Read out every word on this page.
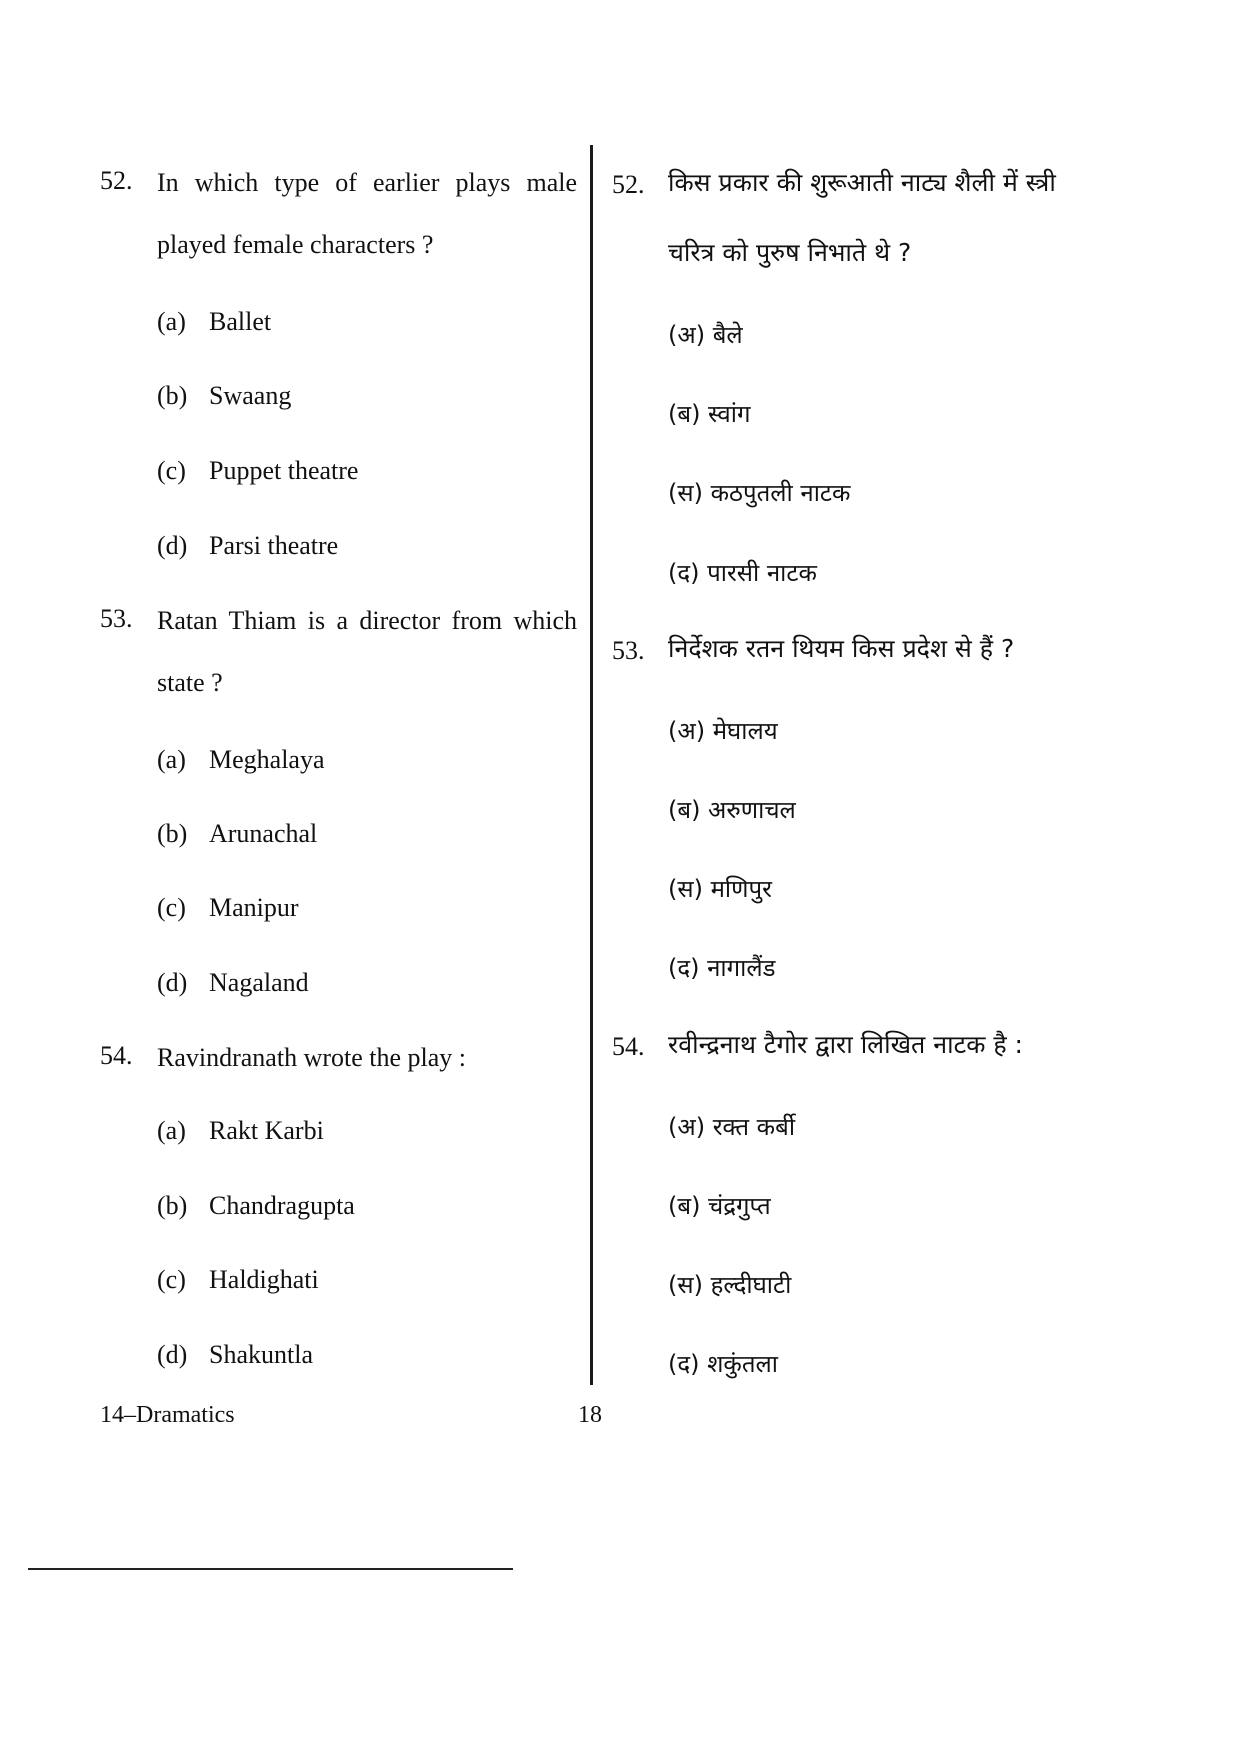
52. In which type of earlier plays male played female characters ?
(a) Ballet
(b) Swaang
(c) Puppet theatre
(d) Parsi theatre
53. Ratan Thiam is a director from which state ?
(a) Meghalaya
(b) Arunachal
(c) Manipur
(d) Nagaland
54. Ravindranath wrote the play :
(a) Rakt Karbi
(b) Chandragupta
(c) Haldighati
(d) Shakuntla
52. किस प्रकार की शुरूआती नाट्य शैली में स्त्री चरित्र को पुरुष निभाते थे ?
(अ) बैले
(ब) स्वांग
(स) कठपुतली नाटक
(द) पारसी नाटक
53. निर्देशक रतन थियम किस प्रदेश से हैं ?
(अ) मेघालय
(ब) अरुणाचल
(स) मणिपुर
(द) नागालैंड
54. रवीन्द्रनाथ टैगोर द्वारा लिखित नाटक है :
(अ) रक्त कर्बी
(ब) चंद्रगुप्त
(स) हल्दीघाटी
(द) शकुंतला
14–Dramatics	18
